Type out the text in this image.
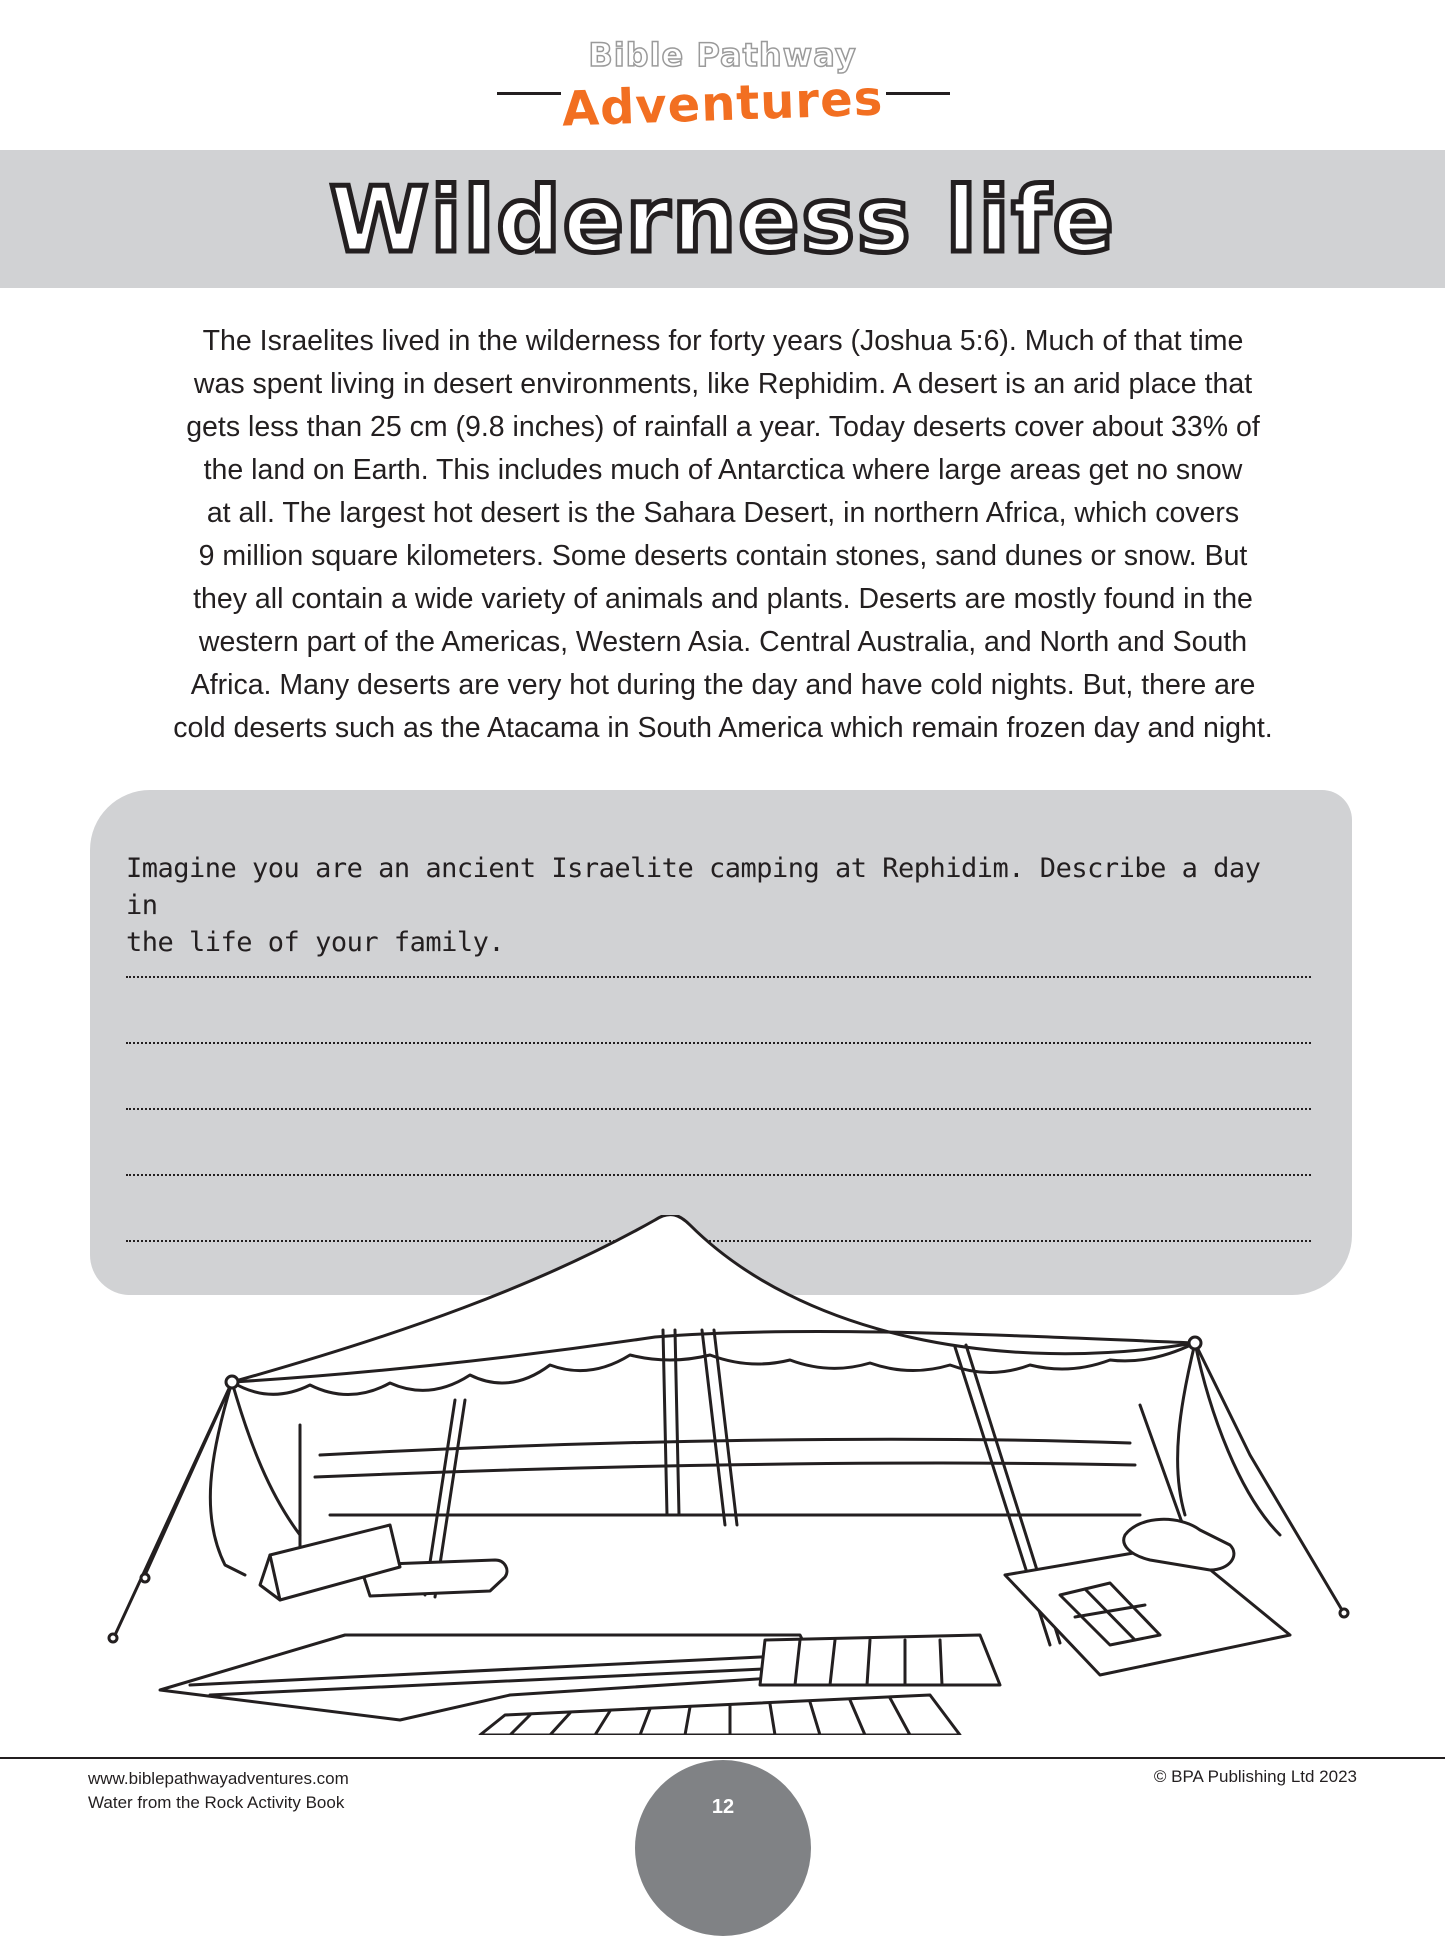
Bible Pathway
Adventures
Wilderness life
The Israelites lived in the wilderness for forty years (Joshua 5:6). Much of that time
was spent living in desert environments, like Rephidim. A desert is an arid place that
gets less than 25 cm (9.8 inches) of rainfall a year. Today deserts cover about 33% of
the land on Earth. This includes much of Antarctica where large areas get no snow
at all. The largest hot desert is the Sahara Desert, in northern Africa, which covers
9 million square kilometers. Some deserts contain stones, sand dunes or snow. But
they all contain a wide variety of animals and plants. Deserts are mostly found in the
western part of the Americas, Western Asia. Central Australia, and North and South
Africa. Many deserts are very hot during the day and have cold nights. But, there are
cold deserts such as the Atacama in South America which remain frozen day and night.
Imagine you are an ancient Israelite camping at Rephidim. Describe a day in
the life of your family.
www.biblepathwayadventures.com
Water from the Rock Activity Book
© BPA Publishing Ltd 2023
12
